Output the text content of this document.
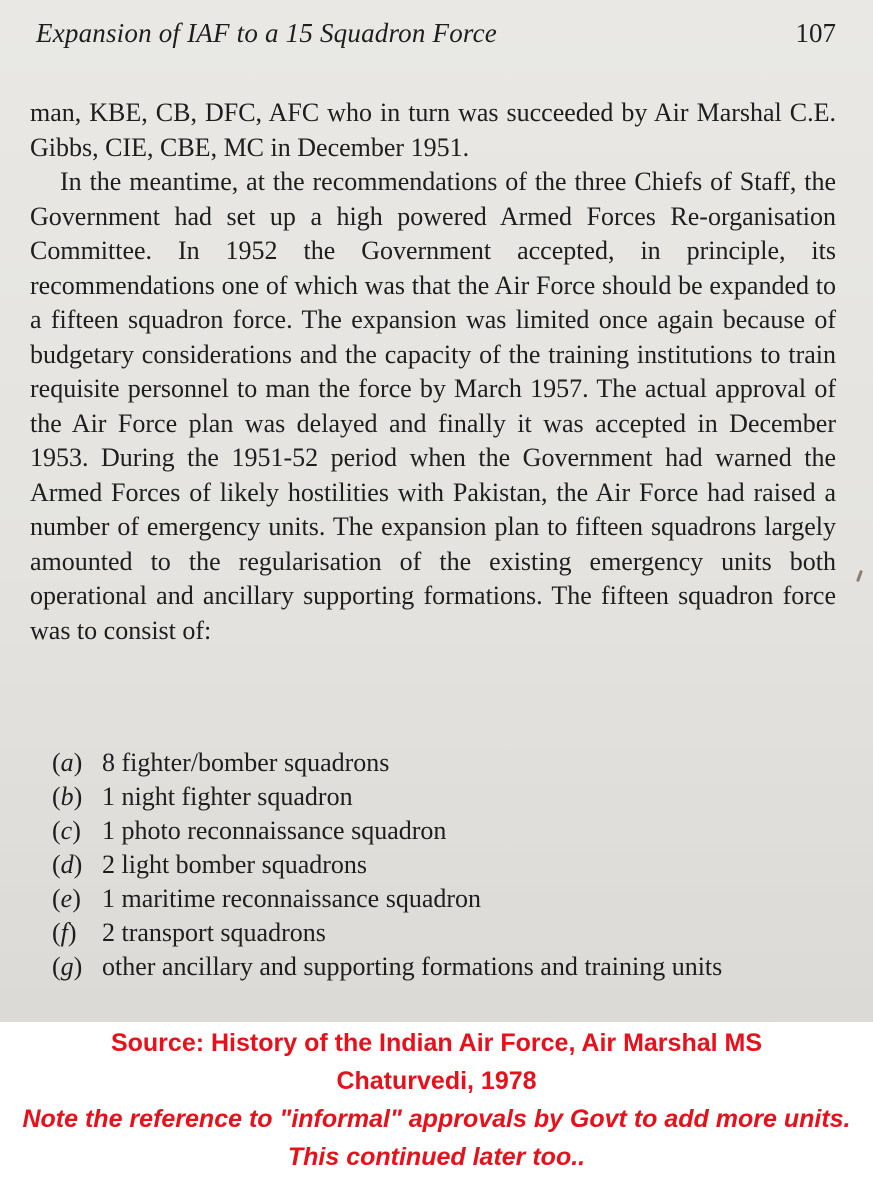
Expansion of IAF to a 15 Squadron Force	107

man, KBE, CB, DFC, AFC who in turn was succeeded by Air Marshal C.E. Gibbs, CIE, CBE, MC in December 1951.

In the meantime, at the recommendations of the three Chiefs of Staff, the Government had set up a high powered Armed Forces Re-organisation Committee. In 1952 the Government accepted, in principle, its recommendations one of which was that the Air Force should be expanded to a fifteen squadron force. The expansion was limited once again because of budgetary considerations and the capacity of the training institutions to train requisite personnel to man the force by March 1957. The actual approval of the Air Force plan was delayed and finally it was accepted in December 1953. During the 1951-52 period when the Government had warned the Armed Forces of likely hostilities with Pakistan, the Air Force had raised a number of emergency units. The expansion plan to fifteen squadrons largely amounted to the regularisation of the existing emergency units both operational and ancillary supporting formations. The fifteen squadron force was to consist of:

(a) 8 fighter/bomber squadrons
(b) 1 night fighter squadron
(c) 1 photo reconnaissance squadron
(d) 2 light bomber squadrons
(e) 1 maritime reconnaissance squadron
(f) 2 transport squadrons
(g) other ancillary and supporting formations and training units
Source: History of the Indian Air Force, Air Marshal MS Chaturvedi, 1978
Note the reference to "informal" approvals by Govt to add more units. This continued later too..
